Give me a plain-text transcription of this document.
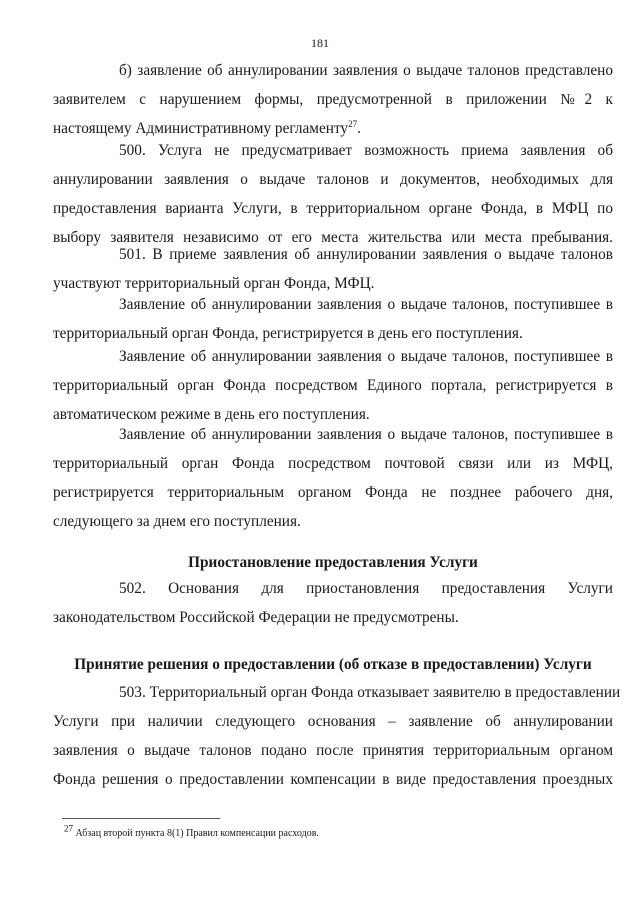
181
б) заявление об аннулировании заявления о выдаче талонов представлено
заявителем с нарушением формы, предусмотренной в приложении №2 к
настоящему Административному регламенту$^{27}$.
500. Услуга не предусматривает возможность приема заявления об
аннулировании заявления о выдаче талонов и документов, необходимых для
предоставления варианта Услуги, в территориальном органе Фонда, в МФЦ по
выбору заявителя независимо от его места жительства или места пребывания.
501. В приеме заявления об аннулировании заявления о выдаче талонов
участвуют территориальный орган Фонда, МФЦ.
Заявление об аннулировании заявления о выдаче талонов, поступившее в
территориальный орган Фонда, регистрируется в день его поступления.
Заявление об аннулировании заявления о выдаче талонов, поступившее в
территориальный орган Фонда посредством Единого портала, регистрируется в
автоматическом режиме в день его поступления.
Заявление об аннулировании заявления о выдаче талонов, поступившее в
территориальный орган Фонда посредством почтовой связи или из МФЦ,
регистрируется территориальным органом Фонда не позднее рабочего дня,
следующего за днем его поступления.
Приостановление предоставления Услуги
502. Основания для приостановления предоставления Услуги
законодательством Российской Федерации не предусмотрены.
Принятие решения о предоставлении (об отказе в предоставлении) Услуги
503. Территориальный орган Фонда отказывает заявителю в предоставлении
Услуги при наличии следующего основания – заявление об аннулировании
заявления о выдаче талонов подано после принятия территориальным органом
Фонда решения о предоставлении компенсации в виде предоставления проездных
$^{27}$ Абзац второй пункта 8(1) Правил компенсации расходов.
